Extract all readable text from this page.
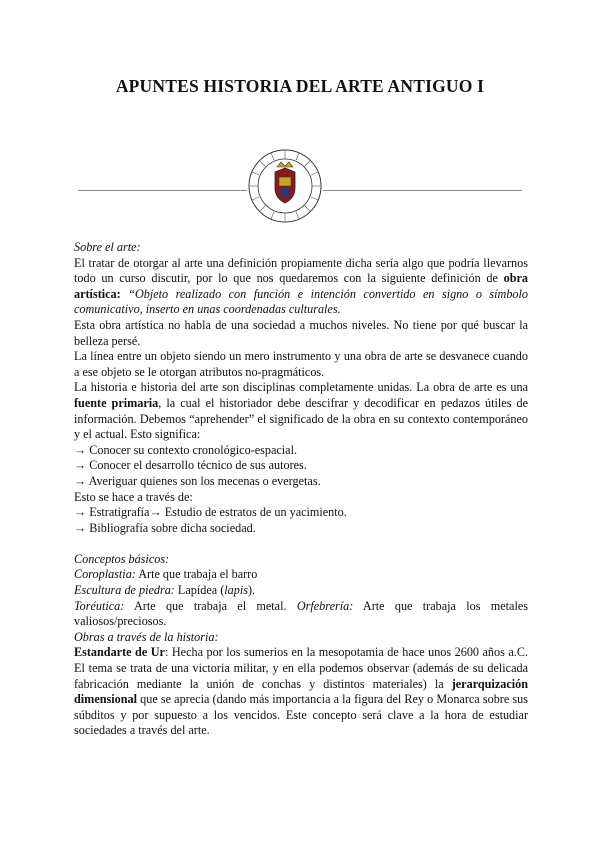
APUNTES HISTORIA DEL ARTE ANTIGUO I

Sobre el arte:

El tratar de otorgar al arte una definición propiamente dicha sería algo que podría llevarnos todo un curso discutir, por lo que nos quedaremos con la siguiente definición de obra artística: “Objeto realizado con función e intención convertido en signo o símbolo comunicativo, inserto en unas coordenadas culturales.

Esta obra artística no habla de una sociedad a muchos niveles. No tiene por qué buscar la belleza persé.

La línea entre un objeto siendo un mero instrumento y una obra de arte se desvanece cuando a ese objeto se le otorgan atributos no-pragmáticos.

La historia e historia del arte son disciplinas completamente unidas. La obra de arte es una fuente primaria, la cual el historiador debe descifrar y decodificar en pedazos útiles de información. Debemos “aprehender” el significado de la obra en su contexto contemporáneo y el actual. Esto significa:

→ Conocer su contexto cronológico-espacial.

→ Conocer el desarrollo técnico de sus autores.

→ Averiguar quienes son los mecenas o evergetas.

Esto se hace a través de:

→ Estratigrafía→ Estudio de estratos de un yacimiento.

→ Bibliografía sobre dicha sociedad.

Conceptos básicos:

Coroplastia: Arte que trabaja el barro

Escultura de piedra: Lapídea (lapis).

Toréutica: Arte que trabaja el metal. Orfebrería: Arte que trabaja los metales valiosos/preciosos.

Obras a través de la historia:

Estandarte de Ur: Hecha por los sumerios en la mesopotamia de hace unos 2600 años a.C. El tema se trata de una victoria militar, y en ella podemos observar (además de su delicada fabricación mediante la unión de conchas y distintos materiales) la jerarquización dimensional que se aprecia (dando más importancia a la figura del Rey o Monarca sobre sus súbditos y por supuesto a los vencidos. Este concepto será clave a la hora de estudiar sociedades a través del arte.
